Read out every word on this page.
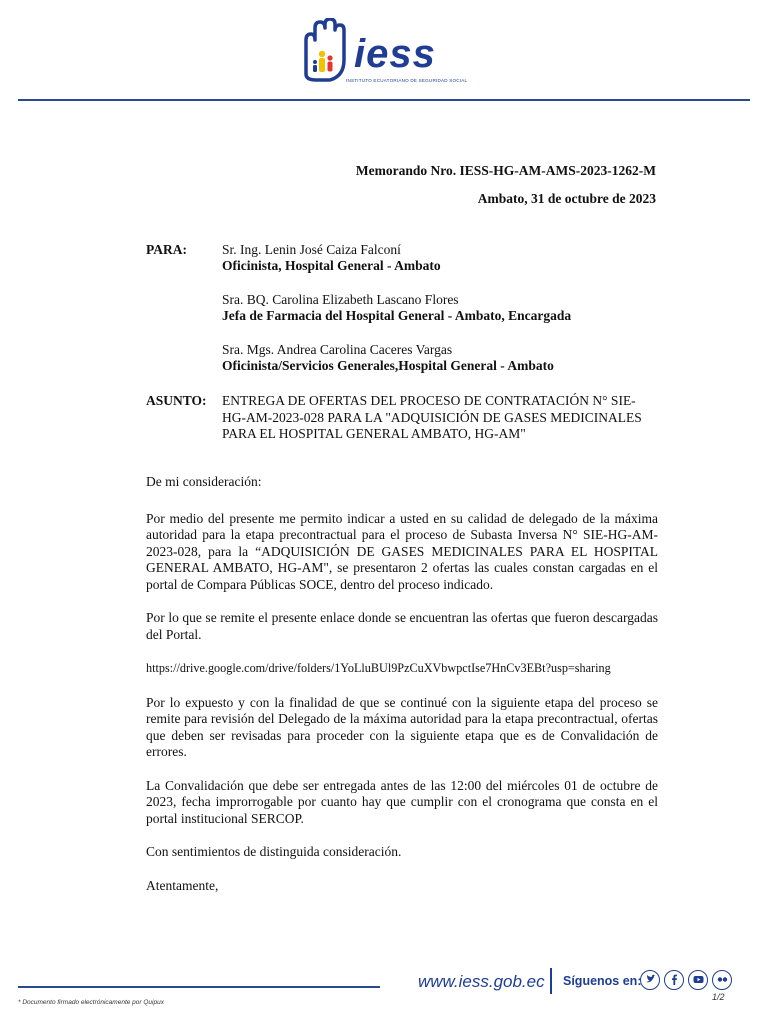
iess
INSTITUTO ECUATORIANO DE SEGURIDAD SOCIAL
Memorando Nro. IESS-HG-AM-AMS-2023-1262-M
Ambato, 31 de octubre de 2023
PARA:	Sr. Ing. Lenin José Caiza Falconí
Oficinista, Hospital General - Ambato
Sra. BQ. Carolina Elizabeth Lascano Flores
Jefa de Farmacia del Hospital General - Ambato, Encargada
Sra. Mgs. Andrea Carolina Caceres Vargas
Oficinista/Servicios Generales,Hospital General - Ambato
ASUNTO: ENTREGA DE OFERTAS DEL PROCESO DE CONTRATACIÓN N° SIE-HG-AM-2023-028 PARA LA "ADQUISICIÓN DE GASES MEDICINALES PARA EL HOSPITAL GENERAL AMBATO, HG-AM"

De mi consideración:

Por medio del presente me permito indicar a usted en su calidad de delegado de la máxima autoridad para la etapa precontractual para el proceso de Subasta Inversa N° SIE-HG-AM-2023-028, para la “ADQUISICIÓN DE GASES MEDICINALES PARA EL HOSPITAL GENERAL AMBATO, HG-AM", se presentaron 2 ofertas las cuales constan cargadas en el portal de Compara Públicas SOCE, dentro del proceso indicado.

Por lo que se remite el presente enlace donde se encuentran las ofertas que fueron descargadas del Portal.

https://drive.google.com/drive/folders/1YoLluBUl9PzCuXVbwpctIse7HnCv3EBt?usp=sharing

Por lo expuesto y con la finalidad de que se continué con la siguiente etapa del proceso se remite para revisión del Delegado de la máxima autoridad para la etapa precontractual, ofertas que deben ser revisadas para proceder con la siguiente etapa que es de Convalidación de errores.

La Convalidación que debe ser entregada antes de las 12:00 del miércoles 01 de octubre de 2023, fecha improrrogable por cuanto hay que cumplir con el cronograma que consta en el portal institucional SERCOP.

Con sentimientos de distinguida consideración.

Atentamente,

www.iess.gob.ec Síguenos en:
* Documento firmado electrónicamente por Quipux
1/2
